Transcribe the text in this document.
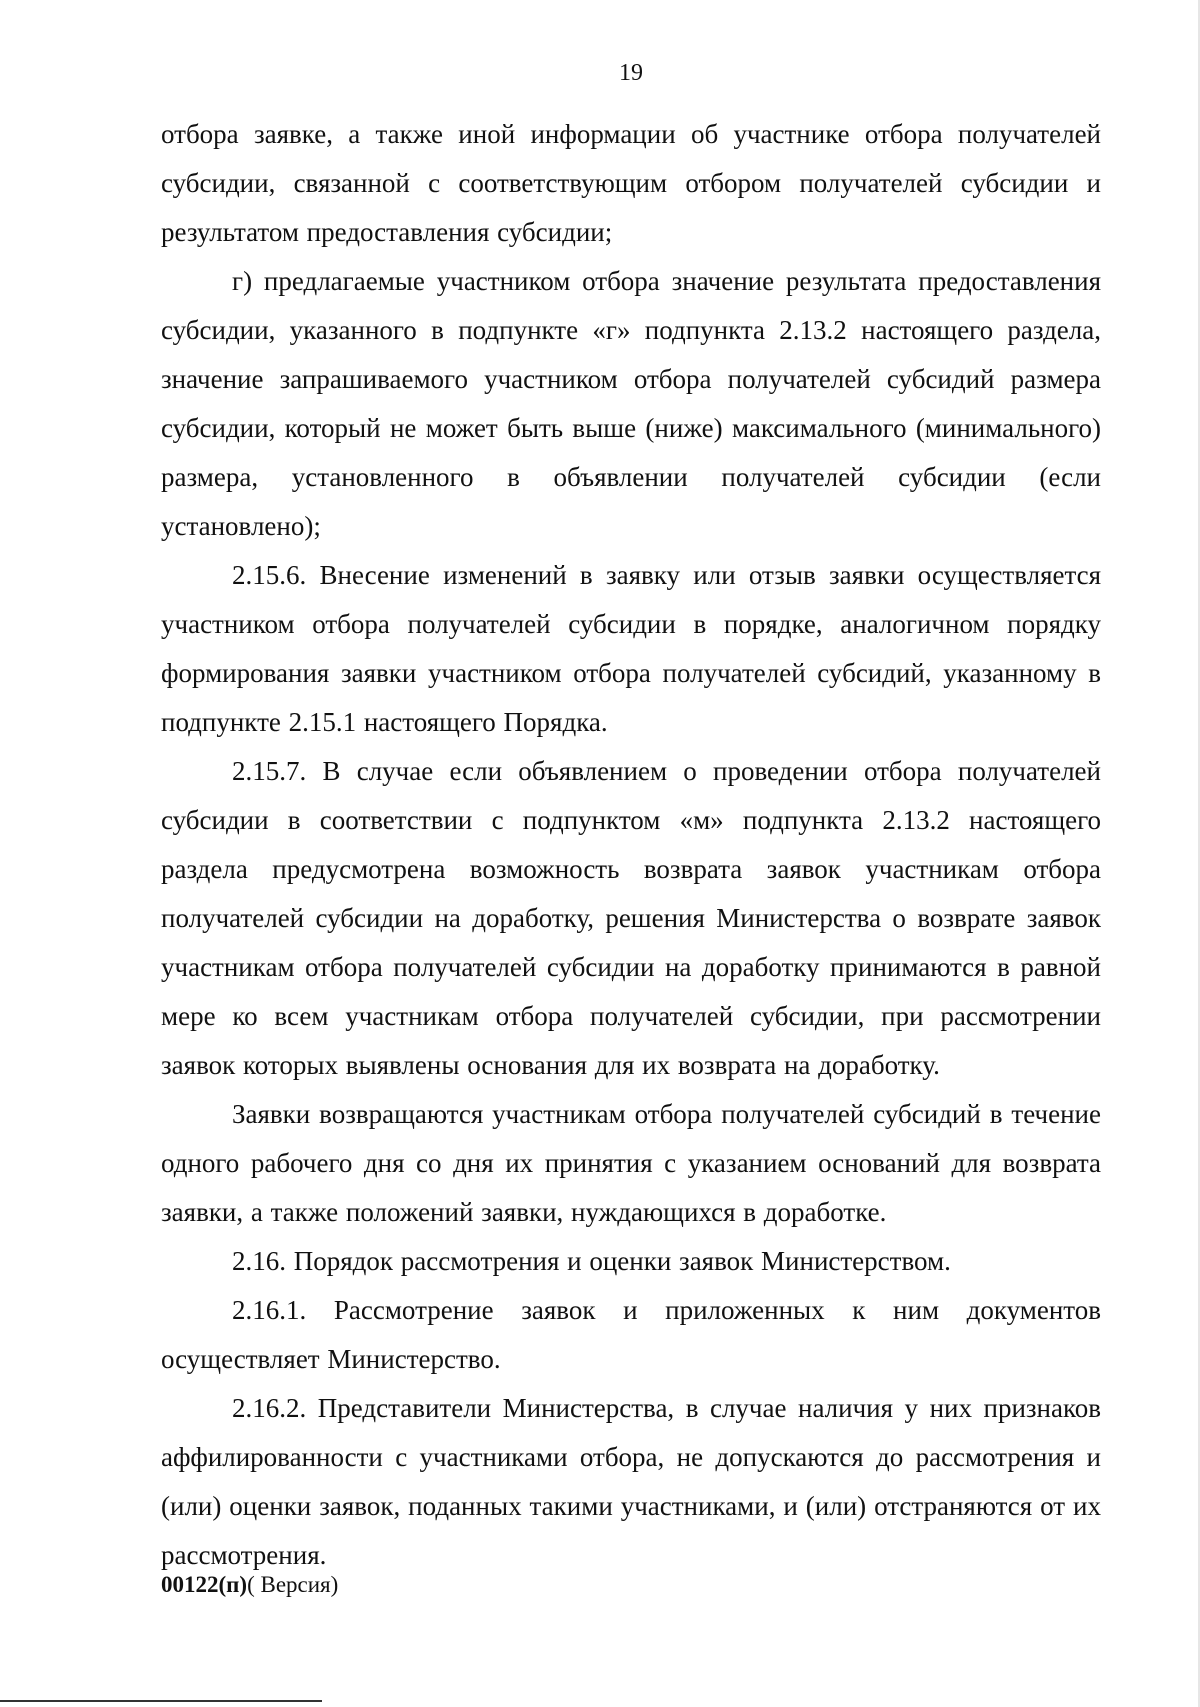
19

отбора заявке, а также иной информации об участнике отбора получателей субсидии, связанной с соответствующим отбором получателей субсидии и результатом предоставления субсидии;

г) предлагаемые участником отбора значение результата предоставления субсидии, указанного в подпункте «г» подпункта 2.13.2 настоящего раздела, значение запрашиваемого участником отбора получателей субсидий размера субсидии, который не может быть выше (ниже) максимального (минимального) размера, установленного в объявлении получателей субсидии (если установлено);

2.15.6. Внесение изменений в заявку или отзыв заявки осуществляется участником отбора получателей субсидии в порядке, аналогичном порядку формирования заявки участником отбора получателей субсидий, указанному в подпункте 2.15.1 настоящего Порядка.

2.15.7. В случае если объявлением о проведении отбора получателей субсидии в соответствии с подпунктом «м» подпункта 2.13.2 настоящего раздела предусмотрена возможность возврата заявок участникам отбора получателей субсидии на доработку, решения Министерства о возврате заявок участникам отбора получателей субсидии на доработку принимаются в равной мере ко всем участникам отбора получателей субсидии, при рассмотрении заявок которых выявлены основания для их возврата на доработку.

Заявки возвращаются участникам отбора получателей субсидий в течение одного рабочего дня со дня их принятия с указанием оснований для возврата заявки, а также положений заявки, нуждающихся в доработке.

2.16. Порядок рассмотрения и оценки заявок Министерством.

2.16.1. Рассмотрение заявок и приложенных к ним документов осуществляет Министерство.

2.16.2. Представители Министерства, в случае наличия у них признаков аффилированности с участниками отбора, не допускаются до рассмотрения и (или) оценки заявок, поданных такими участниками, и (или) отстраняются от их рассмотрения.

00122(п)( Версия)
